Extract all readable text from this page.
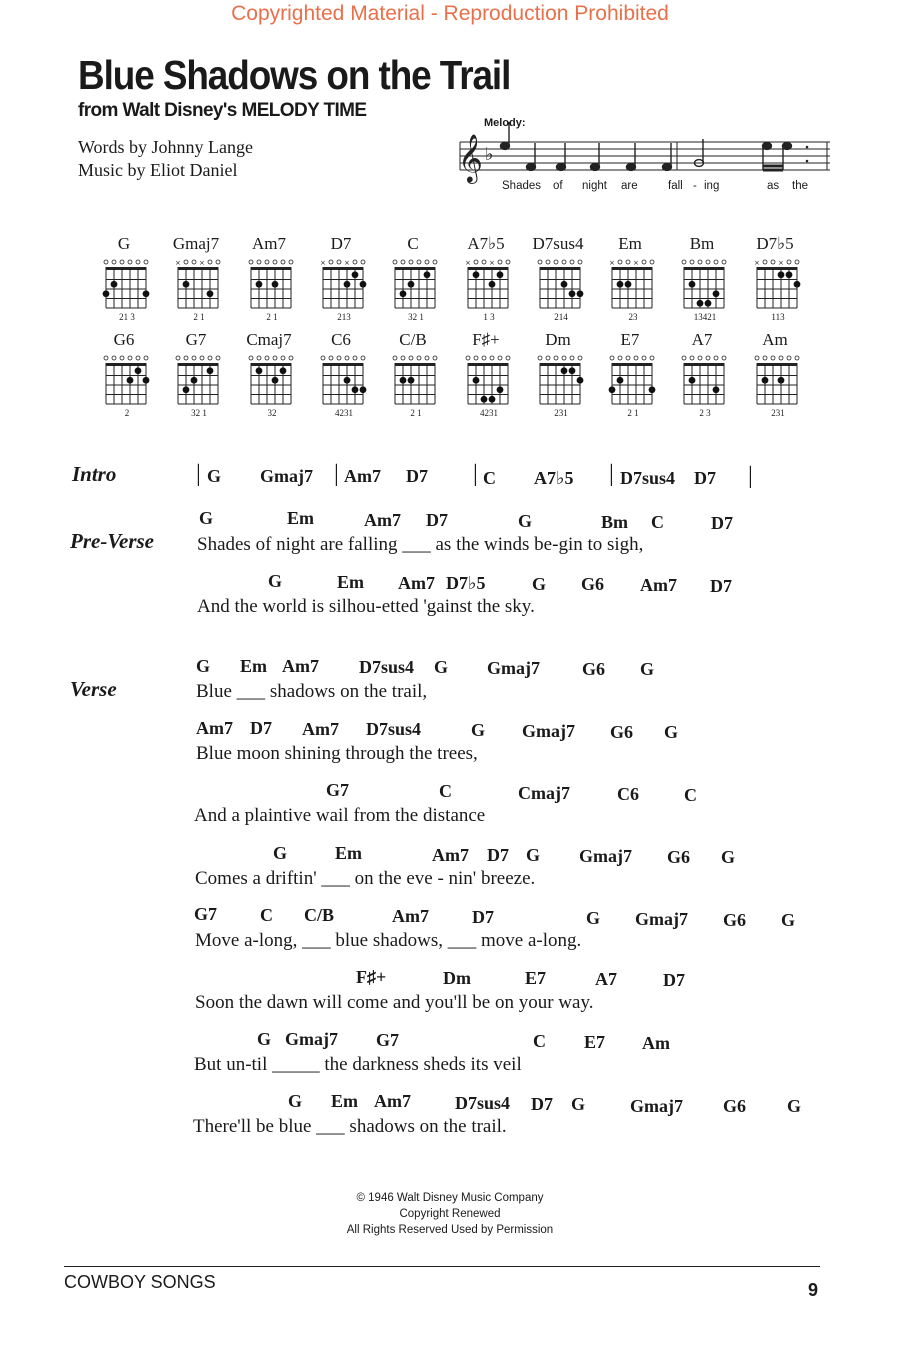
Copyrighted Material - Reproduction Prohibited
Blue Shadows on the Trail
from Walt Disney's MELODY TIME
Words by Johnny Lange
Music by Eliot Daniel
Melody:
𝄞 ♭
Shades of night are	fall - ing	as the
G
21 3
Gmaj7
×	×
2 1
Am7
2 1
D7
×	×
213
C
32 1
A7♭5
×	×
1 3
D7sus4
214
Em
×	×
23
Bm
13421
D7♭5
×	×
113
G6
2
G7
32 1
Cmaj7
32
C6
4231
C/B
2 1
F♯+
4231
Dm
231
E7
2 1
A7
2 3
Am
231
Intro	| G Gmaj7 | Am7 D7 | C A7♭5 | D7sus4 D7 |
Pre-Verse
G	Em	Am7 D7	G	Bm C	D7
Shades of night are falling ___ as the winds be-gin to sigh,
G	Em Am7 D7♭5	G G6 Am7 D7
And the world is silhou-etted 'gainst the sky.
Verse
G Em Am7 D7sus4 G Gmaj7 G6 G
Blue ___ shadows on the trail,
Am7 D7 Am7 D7sus4	G Gmaj7 G6 G
Blue moon shining through the trees,
G7	C	Cmaj7	C6	C
And a plaintive wail from the distance
G	Em	Am7 D7 G Gmaj7 G6 G
Comes a driftin' ___ on the eve - nin' breeze.
G7 C C/B	Am7 D7	G Gmaj7 G6 G
Move a-long, ___ blue shadows, ___ move a-long.
F♯+	Dm	E7	A7	D7
Soon the dawn will come and you'll be on your way.
G Gmaj7 G7	C E7 Am
But un-til _____ the darkness sheds its veil
G Em Am7 D7sus4 D7 G Gmaj7 G6 G
There'll be blue ___ shadows on the trail.
© 1946 Walt Disney Music Company
Copyright Renewed
All Rights Reserved Used by Permission
COWBOY SONGS	9
